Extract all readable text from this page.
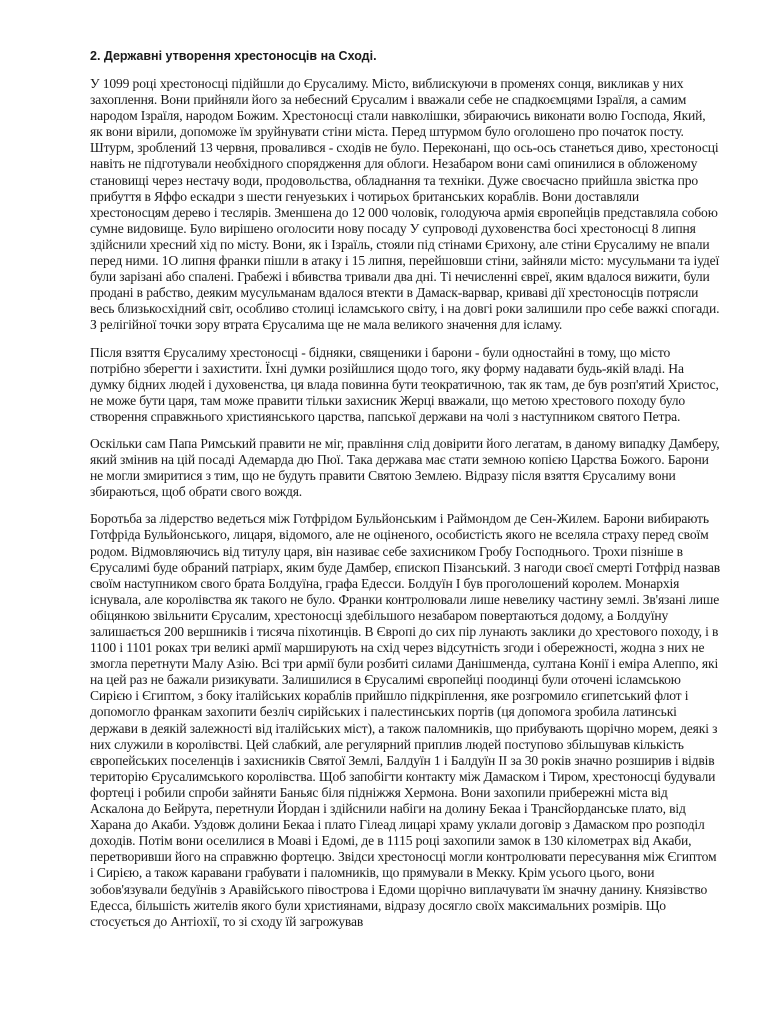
2. Державні утворення хрестоносців на Сході.

У 1099 році хрестоносці підійшли до Єрусалиму. Місто, виблискуючи в променях сонця, викликав у них захоплення. Вони прийняли його за небесний Єрусалим і вважали себе не спадкоємцями Ізраїля, а самим народом Ізраїля, народом Божим. Хрестоносці стали навколішки, збираючись виконати волю Господа, Який, як вони вірили, допоможе їм зруйнувати стіни міста. Перед штурмом було оголошено про початок посту. Штурм, зроблений 13 червня, провалився - сходів не було. Переконані, що ось-ось станеться диво, хрестоносці навіть не підготували необхідного спорядження для облоги. Незабаром вони самі опинилися в обложеному становищі через нестачу води, продовольства, обладнання та техніки. Дуже своєчасно прийшла звістка про прибуття в Яффо ескадри з шести генуезьких і чотирьох британських кораблів. Вони доставляли хрестоносцям дерево і теслярів. Зменшена до 12 000 чоловік, голодуюча армія європейців представляла собою сумне видовище. Було вирішено оголосити нову посаду У супроводі духовенства босі хрестоносці 8 липня здійснили хресний хід по місту. Вони, як і Ізраїль, стояли під стінами Єрихону, але стіни Єрусалиму не впали перед ними. 1О липня франки пішли в атаку і 15 липня, перейшовши стіни, зайняли місто: мусульмани та іудеї були зарізані або спалені. Грабежі і вбивства тривали два дні. Ті нечисленні євреї, яким вдалося вижити, були продані в рабство, деяким мусульманам вдалося втекти в Дамаск-варвар, криваві дії хрестоносців потрясли весь близькосхідний світ, особливо столиці ісламського світу, і на довгі роки залишили про себе важкі спогади. З релігійної точки зору втрата Єрусалима ще не мала великого значення для ісламу.

Після взяття Єрусалиму хрестоносці - бідняки, священики і барони - були одностайні в тому, що місто потрібно зберегти і захистити. Їхні думки розійшлися щодо того, яку форму надавати будь-якій владі. На думку бідних людей і духовенства, ця влада повинна бути теократичною, так як там, де був розп'ятий Христос, не може бути царя, там може правити тільки захисник Жерці вважали, що метою хрестового походу було створення справжнього християнського царства, папської держави на чолі з наступником святого Петра.

Оскільки сам Папа Римський правити не міг, правління слід довірити його легатам, в даному випадку Дамберу, який змінив на цій посаді Адемарда дю Пюї. Така держава має стати земною копією Царства Божого. Барони не могли змиритися з тим, що не будуть правити Святою Землею. Відразу після взяття Єрусалиму вони збираються, щоб обрати свого вождя.

Боротьба за лідерство ведеться між Готфрідом Бульйонським і Раймондом де Сен-Жилем. Барони вибирають Готфріда Бульйонського, лицаря, відомого, але не оціненого, особистість якого не вселяла страху перед своїм родом. Відмовляючись від титулу царя, він називає себе захисником Гробу Господнього. Трохи пізніше в Єрусалимі буде обраний патріарх, яким буде Дамбер, єпископ Пізанський. З нагоди своєї смерті Готфрід назвав своїм наступником свого брата Болдуїна, графа Едесси. Болдуїн І був проголошений королем. Монархія існувала, але королівства як такого не було. Франки контролювали лише невелику частину землі. Зв'язані лише обіцянкою звільнити Єрусалим, хрестоносці здебільшого незабаром повертаються додому, а Болдуїну залишається 200 вершників і тисяча піхотинців. В Європі до сих пір лунають заклики до хрестового походу, і в 1100 і 1101 роках три великі армії марширують на схід через відсутність згоди і обережності, жодна з них не змогла перетнути Малу Азію. Всі три армії були розбиті силами Данішменда, султана Конії і еміра Алеппо, які на цей раз не бажали ризикувати. Залишилися в Єрусалимі європейці поодинці були оточені ісламською Сирією і Єгиптом, з боку італійських кораблів прийшло підкріплення, яке розгромило єгипетський флот і допомогло франкам захопити безліч сирійських і палестинських портів (ця допомога зробила латинські держави в деякій залежності від італійських міст), а також паломників, що прибувають щорічно морем, деякі з них служили в королівстві. Цей слабкий, але регулярний приплив людей поступово збільшував кількість європейських поселенців і захисників Святої Землі, Балдуїн 1 і Балдуїн ІІ за 30 років значно розширив і відвів територію Єрусалимського королівства. Щоб запобігти контакту між Дамаском і Тиром, хрестоносці будували фортеці і робили спроби зайняти Баньяс біля підніжжя Хермона. Вони захопили прибережні міста від Аскалона до Бейрута, перетнули Йордан і здійснили набіги на долину Бекаа і Трансйорданське плато, від Харана до Акаби. Уздовж долини Бекаа і плато Гілеад лицарі храму уклали договір з Дамаском про розподіл доходів. Потім вони оселилися в Моаві і Едомі, де в 1115 році захопили замок в 130 кілометрах від Акаби, перетворивши його на справжню фортецю. Звідси хрестоносці могли контролювати пересування між Єгиптом і Сирією, а також каравани грабувати і паломників, що прямували в Мекку. Крім усього цього, вони зобов'язували бедуїнів з Аравійського півострова і Едоми щорічно виплачувати їм значну данину. Князівство Едесса, більшість жителів якого були християнами, відразу досягло своїх максимальних розмірів. Що стосується до Антіохії, то зі сходу їй загрожував
